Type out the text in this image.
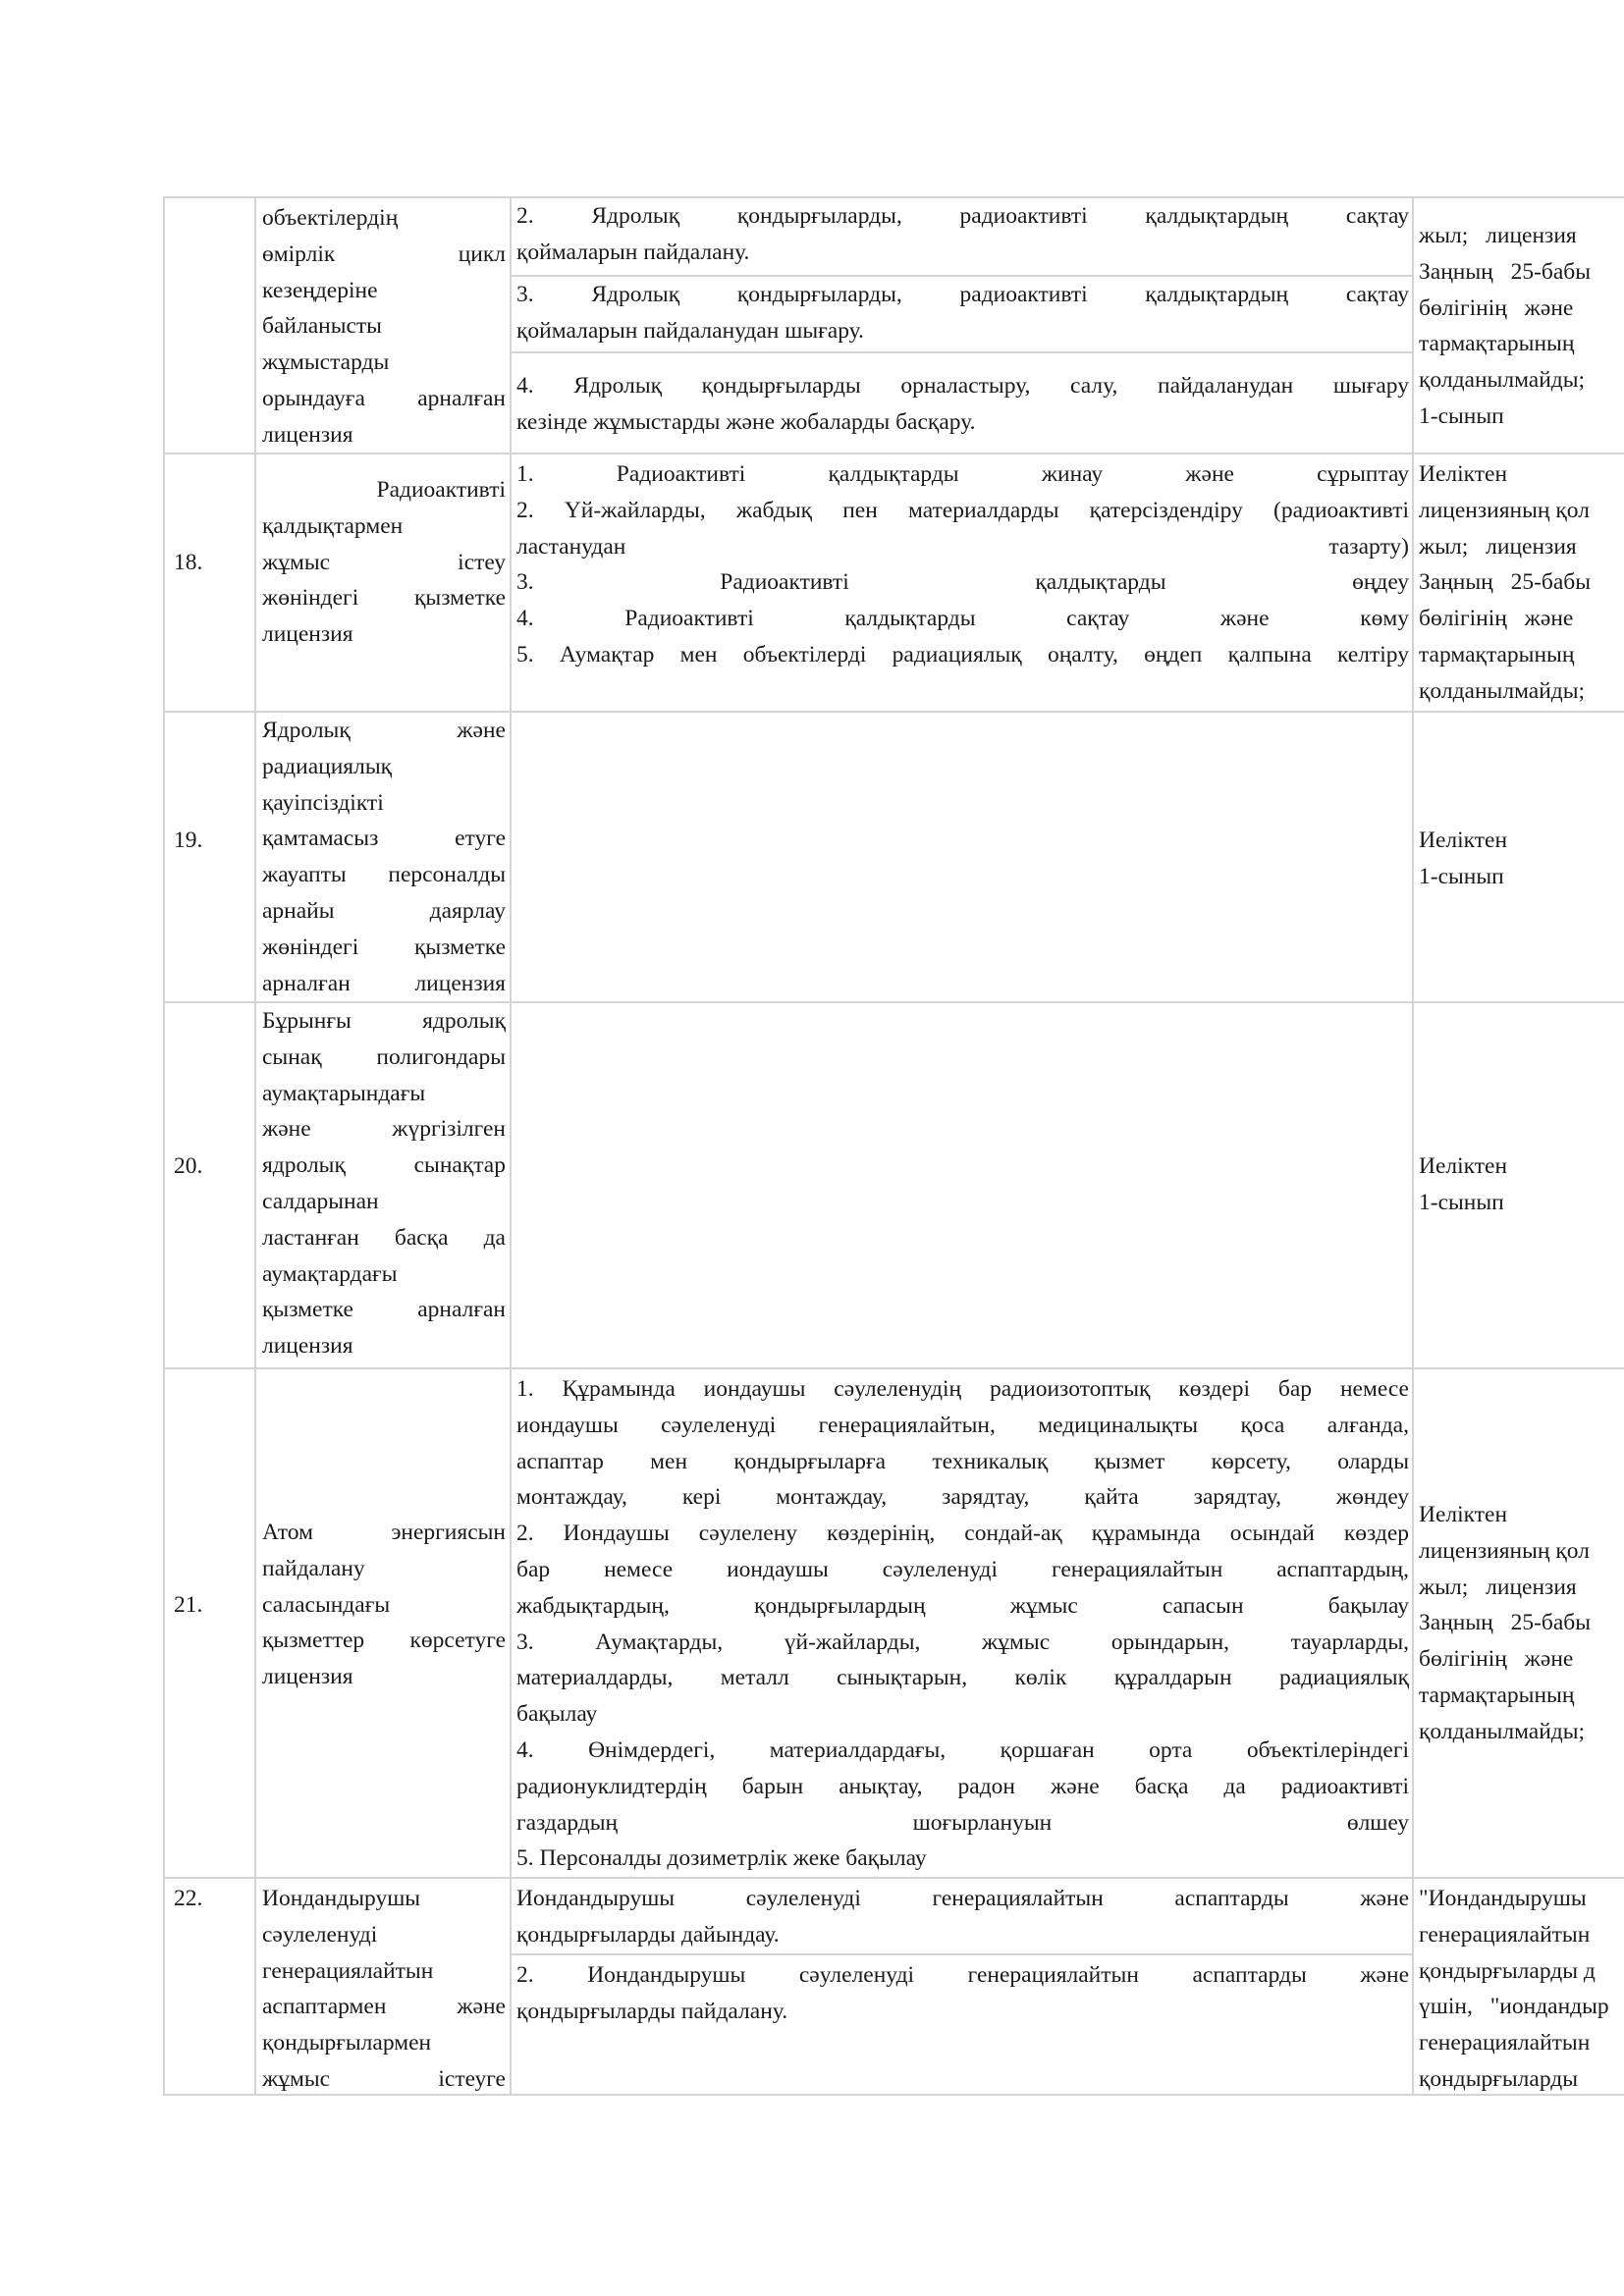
объектілердің
өмірлік цикл
кезеңдеріне
байланысты
жұмыстарды
орындауға арналған
лицензия
2. Ядролық қондырғыларды, радиоактивті қалдықтардың сақтау
қоймаларын пайдалану.
3. Ядролық қондырғыларды, радиоактивті қалдықтардың сақтау
қоймаларын пайдаланудан шығару.
4. Ядролық қондырғыларды орналастыру, салу, пайдаланудан шығару
кезінде жұмыстарды және жобаларды басқару.
жыл; лицензия
Заңның 25-бабы
бөлігінің және
тармақтарының
қолданылмайды;
1-сынып
18.
Радиоактивті
қалдықтармен
жұмыс істеу
жөніндегі қызметке
лицензия
1. Радиоактивті қалдықтарды жинау және сұрыптау
2. Үй-жайларды, жабдық пен материалдарды қатерсіздендіру (радиоактивті
ластанудан	тазарту)
3. Радиоактивті қалдықтарды өңдеу
4. Радиоактивті қалдықтарды сақтау және көму
5. Аумақтар мен объектілерді радиациялық оңалту, өңдеп қалпына келтіру
Иеліктен
лицензияның қол
жыл; лицензия
Заңның 25-бабы
бөлігінің және
тармақтарының
қолданылмайды;
19.
Ядролық және
радиациялық
қауіпсіздікті
қамтамасыз етуге
жауапты персоналды
арнайы даярлау
жөніндегі қызметке
арналған лицензия
Иеліктен
1-сынып
20.
Бұрынғы ядролық
сынақ полигондары
аумақтарындағы
және жүргізілген
ядролық сынақтар
салдарынан
ластанған басқа да
аумақтардағы
қызметке арналған
лицензия
Иеліктен
1-сынып
21.
Атом энергиясын
пайдалану
саласындағы
қызметтер көрсетуге
лицензия
1. Құрамында иондаушы сәулеленудің радиоизотоптық көздері бар немесе
иондаушы сәулеленуді генерациялайтын, медициналықты қоса алғанда,
аспаптар мен қондырғыларға техникалық қызмет көрсету, оларды
монтаждау, кері монтаждау, зарядтау, қайта зарядтау, жөндеу
2. Иондаушы сәулелену көздерінің, сондай-ақ құрамында осындай көздер
бар немесе иондаушы сәулеленуді генерациялайтын аспаптардың,
жабдықтардың, қондырғылардың жұмыс сапасын бақылау
3. Аумақтарды, үй-жайларды, жұмыс орындарын, тауарларды,
материалдарды, металл сынықтарын, көлік құралдарын радиациялық
бақылау
4. Өнімдердегі, материалдардағы, қоршаған орта объектілеріндегі
радионуклидтердің барын анықтау, радон және басқа да радиоактивті
газдардың шоғырлануын өлшеу
5. Персоналды дозиметрлік жеке бақылау
Иеліктен
лицензияның қол
жыл; лицензия
Заңның 25-бабы
бөлігінің және
тармақтарының
қолданылмайды;
22.	Иондандырушы
сәулеленуді
генерациялайтын
аспаптармен және
қондырғылармен
жұмыс істеуге
Иондандырушы сәулеленуді генерациялайтын аспаптарды және
қондырғыларды дайындау.
2. Иондандырушы сәулеленуді генерациялайтын аспаптарды және
қондырғыларды пайдалану.
"Иондандырушы
генерациялайтын
қондырғыларды д
үшін, "иондандыр
генерациялайтын
қондырғыларды
